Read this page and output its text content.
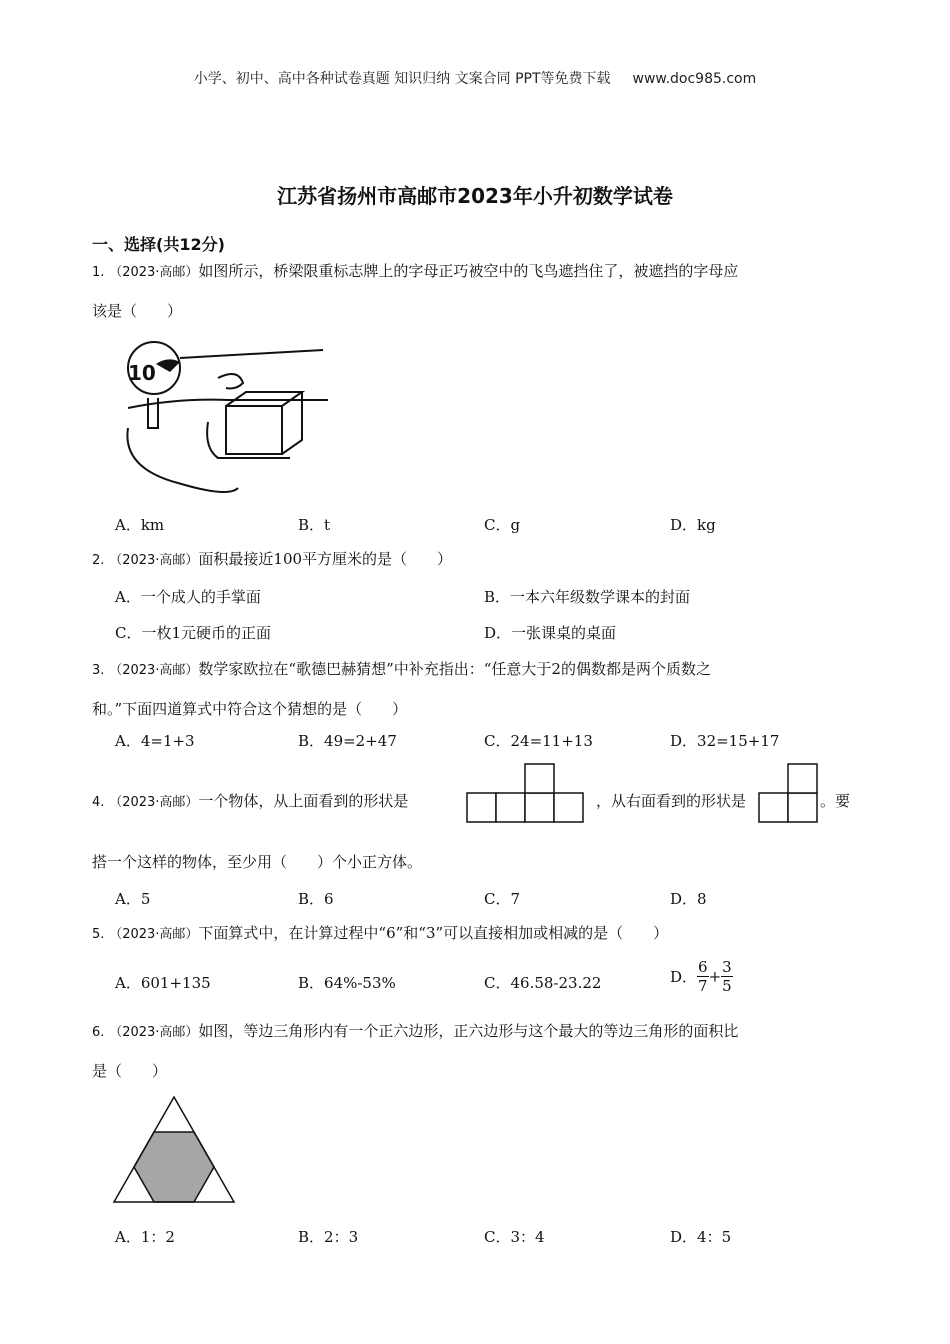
小学、初中、高中各种试卷真题 知识归纳 文案合同 PPT等免费下载 www.doc985.com
江苏省扬州市高邮市2023年小升初数学试卷
一、选择(共12分)
1. （2023·高邮）如图所示，桥梁限重标志牌上的字母正巧被空中的飞鸟遮挡住了，被遮挡的字母应
该是（　　）
10
A．km	B．t	C．g	D．kg
2. （2023·高邮）面积最接近100平方厘米的是（　　）
A．一个成人的手掌面	B．一本六年级数学课本的封面
C．一枚1元硬币的正面	D．一张课桌的桌面
3. （2023·高邮）数学家欧拉在“歌德巴赫猜想”中补充指出：“任意大于2的偶数都是两个质数之
和。”下面四道算式中符合这个猜想的是（　　）
A．4=1+3	B．49=2+47	C．24=11+13	D．32=15+17
4. （2023·高邮）一个物体，从上面看到的形状是	，从右面看到的形状是	。要
搭一个这样的物体，至少用（　　）个小正方体。
A．5	B．6	C．7	D．8
5. （2023·高邮）下面算式中，在计算过程中“6”和“3”可以直接相加或相减的是（　　）
A．601+135	B．64%-53%	C．46.58-23.22	D． $\frac{6}{7} + \frac{3}{5}$
6. （2023·高邮）如图，等边三角形内有一个正六边形，正六边形与这个最大的等边三角形的面积比
是（　　）
A．1：2	B．2：3	C．3：4	D．4：5
